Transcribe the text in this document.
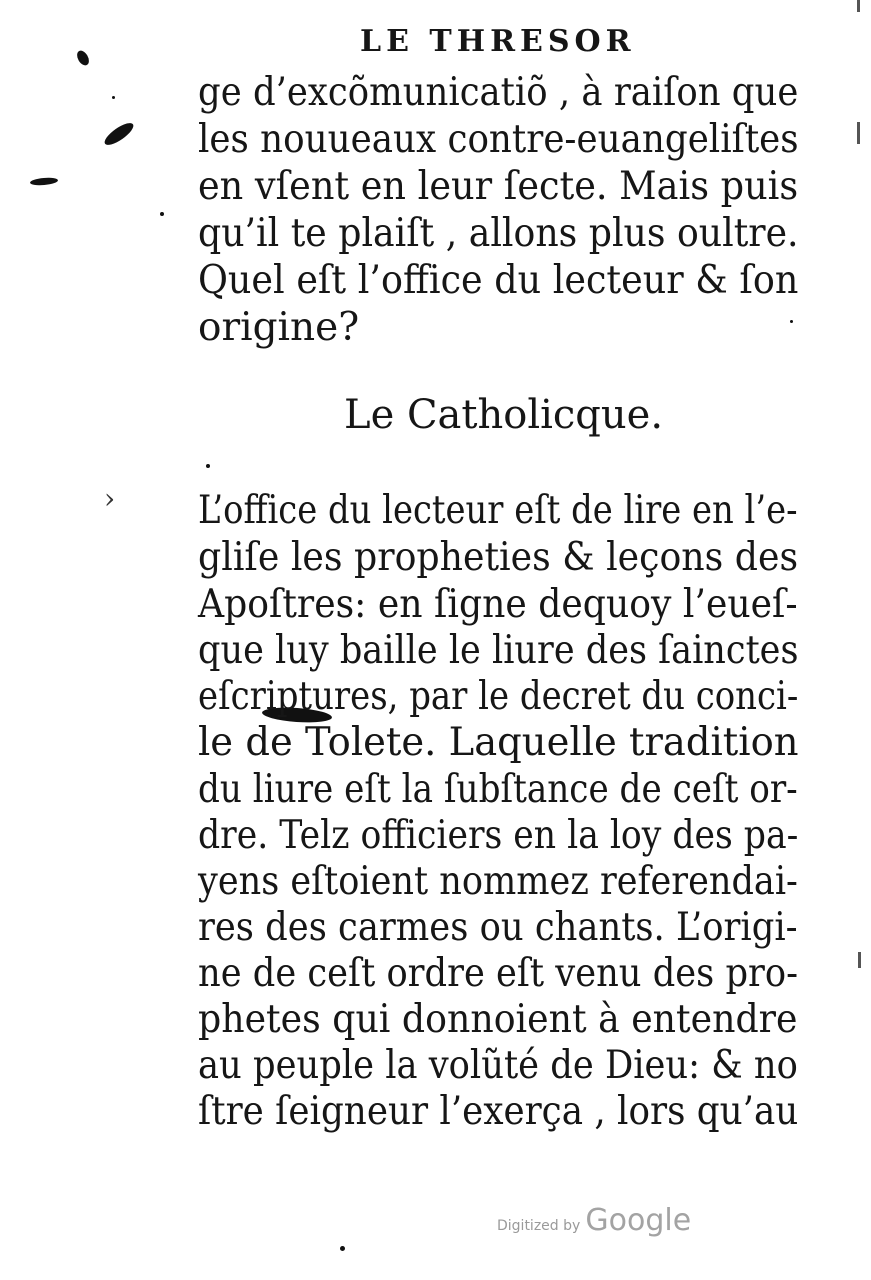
›
LE THRESOR
ge d’excõmunicatiõ , à raiſon que
les nouueaux contre-euangeliſtes
en vſent en leur ſecte. Mais puis
qu’il te plaiſt , allons plus oultre.
Quel eſt l’office du lecteur & ſon
origine?
Le Catholicque.
L’office du lecteur eſt de lire en l’e-
gliſe les propheties & leçons des
Apoſtres: en ſigne dequoy l’eueſ-
que luy baille le liure des ſainctes
eſcriptures, par le decret du conci-
le de Tolete. Laquelle tradition
du liure eſt la ſubſtance de ceſt or-
dre. Telz officiers en la loy des pa-
yens eſtoient nommez referendai-
res des carmes ou chants. L’origi-
ne de ceſt ordre eſt venu des pro-
phetes qui donnoient à entendre
au peuple la volũté de Dieu: & no
ſtre ſeigneur l’exerça , lors qu’au
Digitized by Google
